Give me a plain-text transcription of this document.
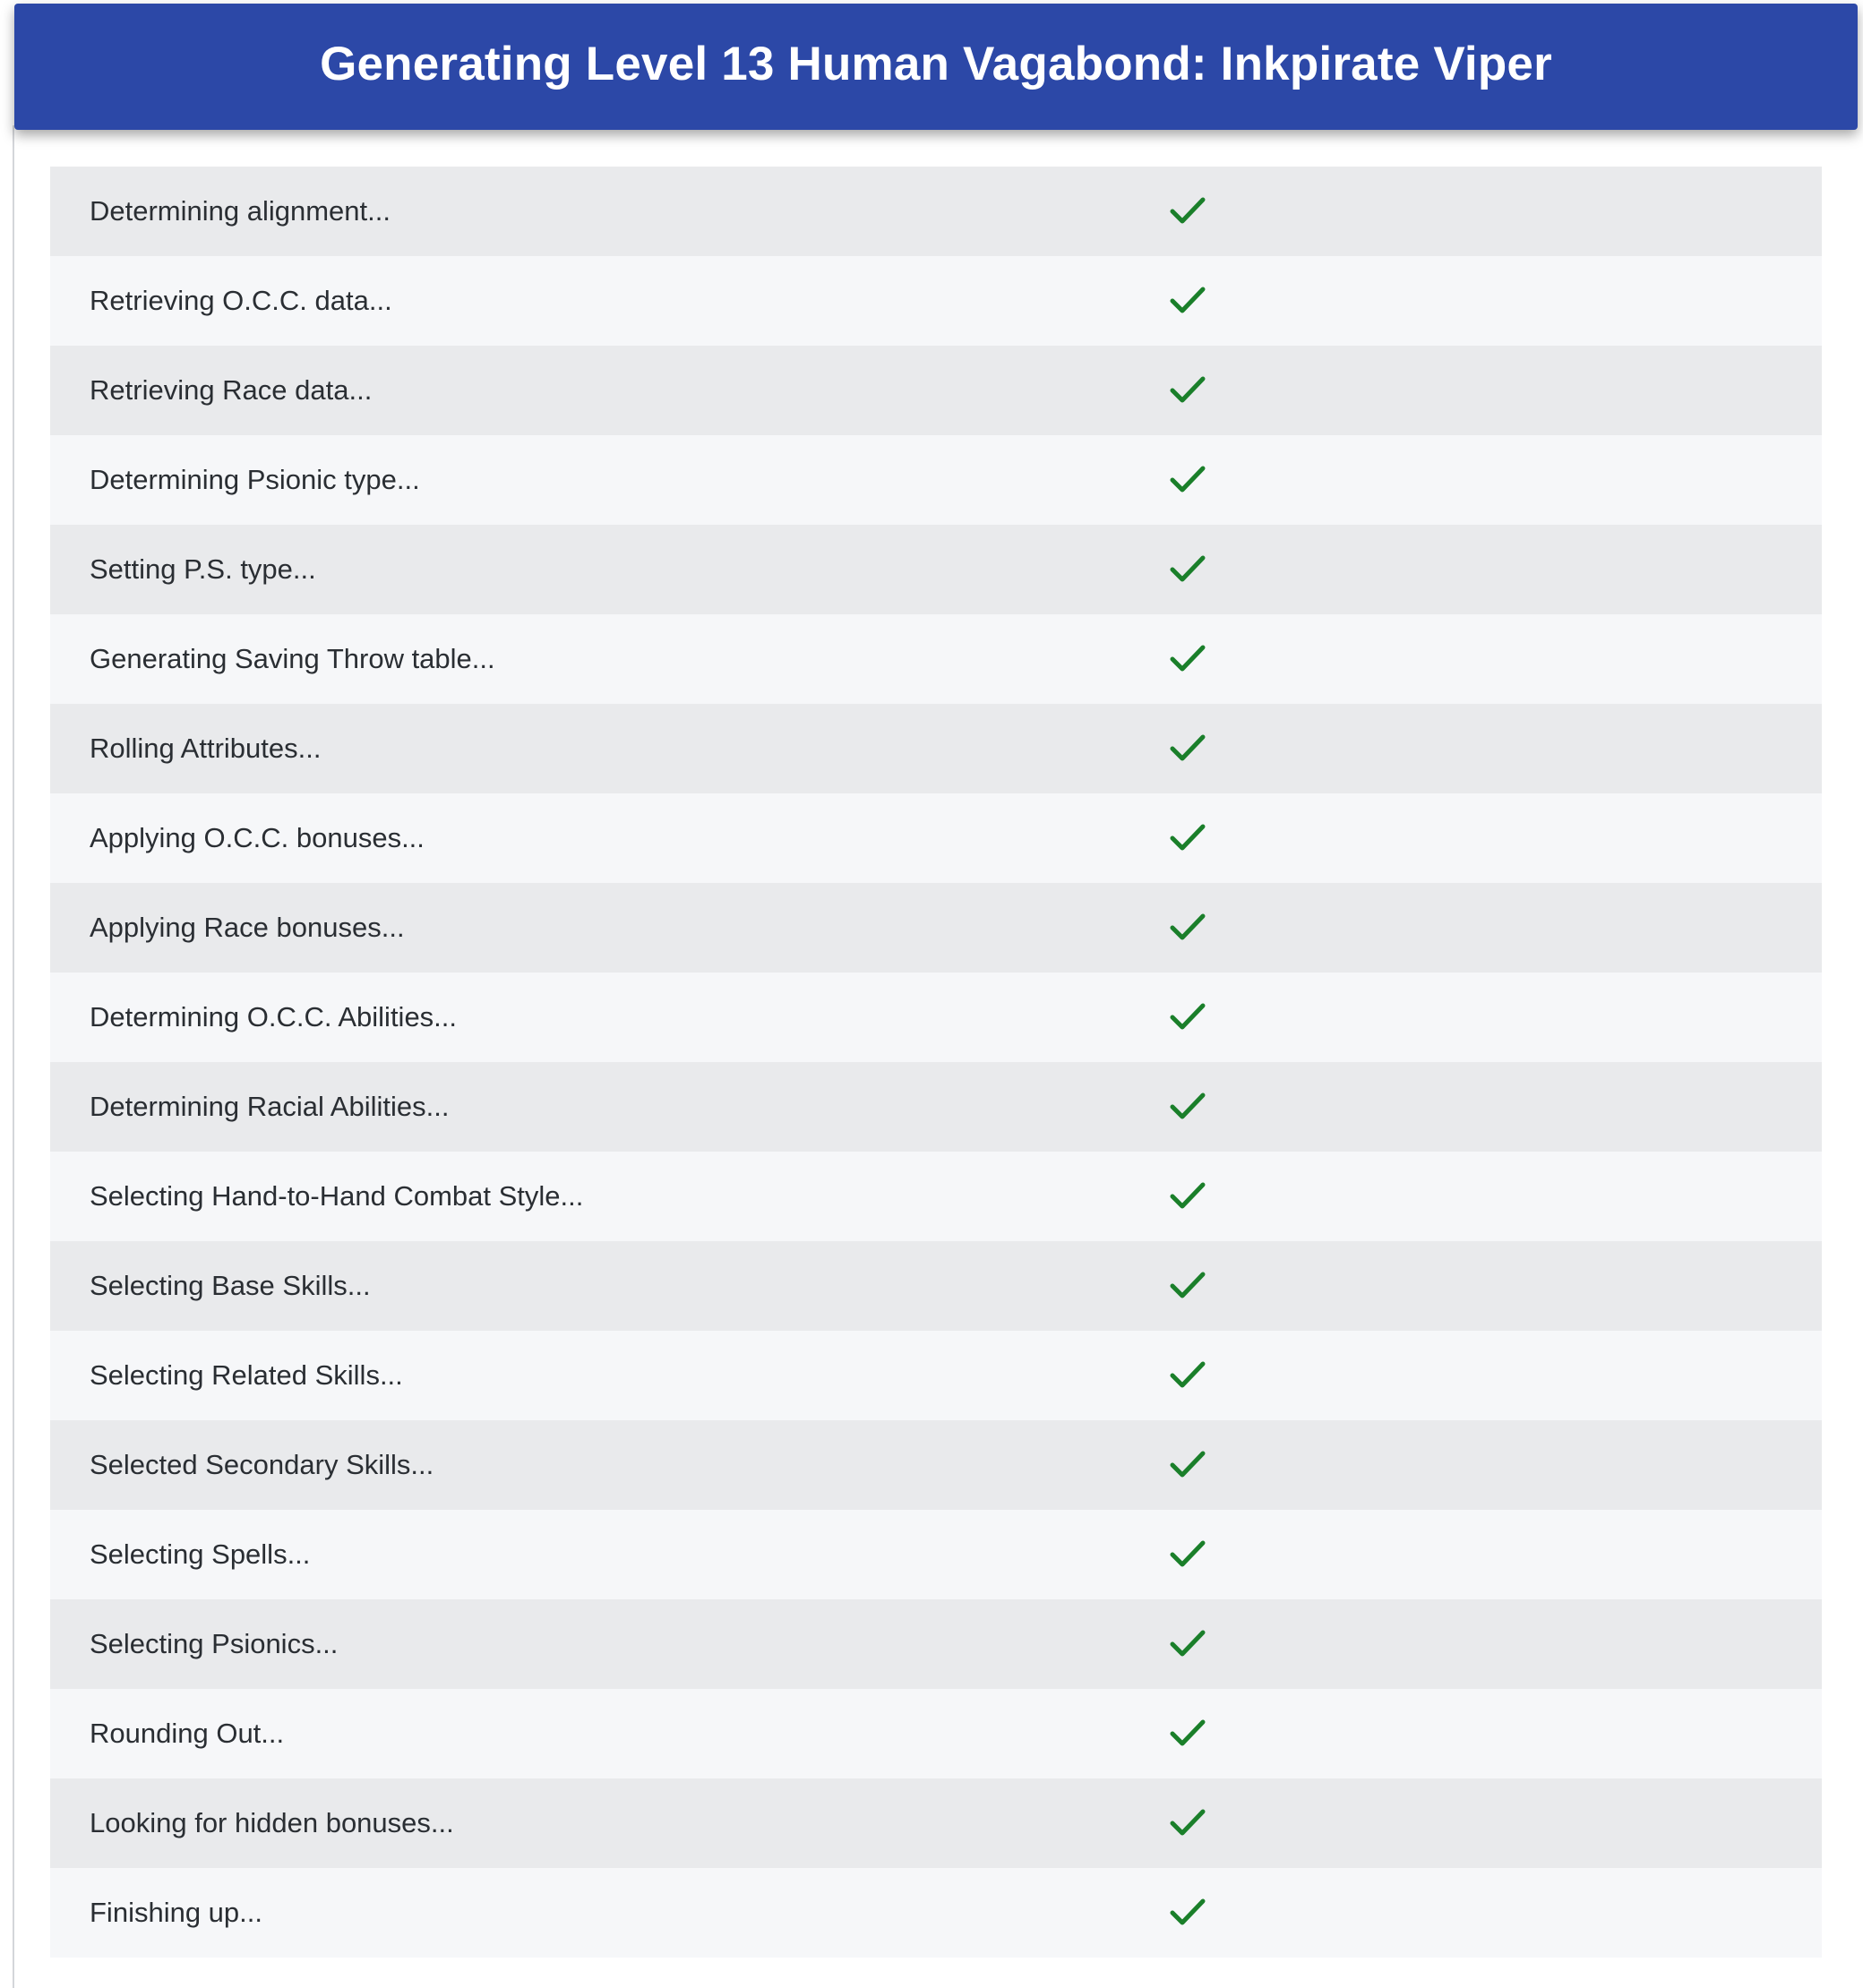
Generating Level 13 Human Vagabond: Inkpirate Viper
Determining alignment...
Retrieving O.C.C. data...
Retrieving Race data...
Determining Psionic type...
Setting P.S. type...
Generating Saving Throw table...
Rolling Attributes...
Applying O.C.C. bonuses...
Applying Race bonuses...
Determining O.C.C. Abilities...
Determining Racial Abilities...
Selecting Hand-to-Hand Combat Style...
Selecting Base Skills...
Selecting Related Skills...
Selected Secondary Skills...
Selecting Spells...
Selecting Psionics...
Rounding Out...
Looking for hidden bonuses...
Finishing up...
